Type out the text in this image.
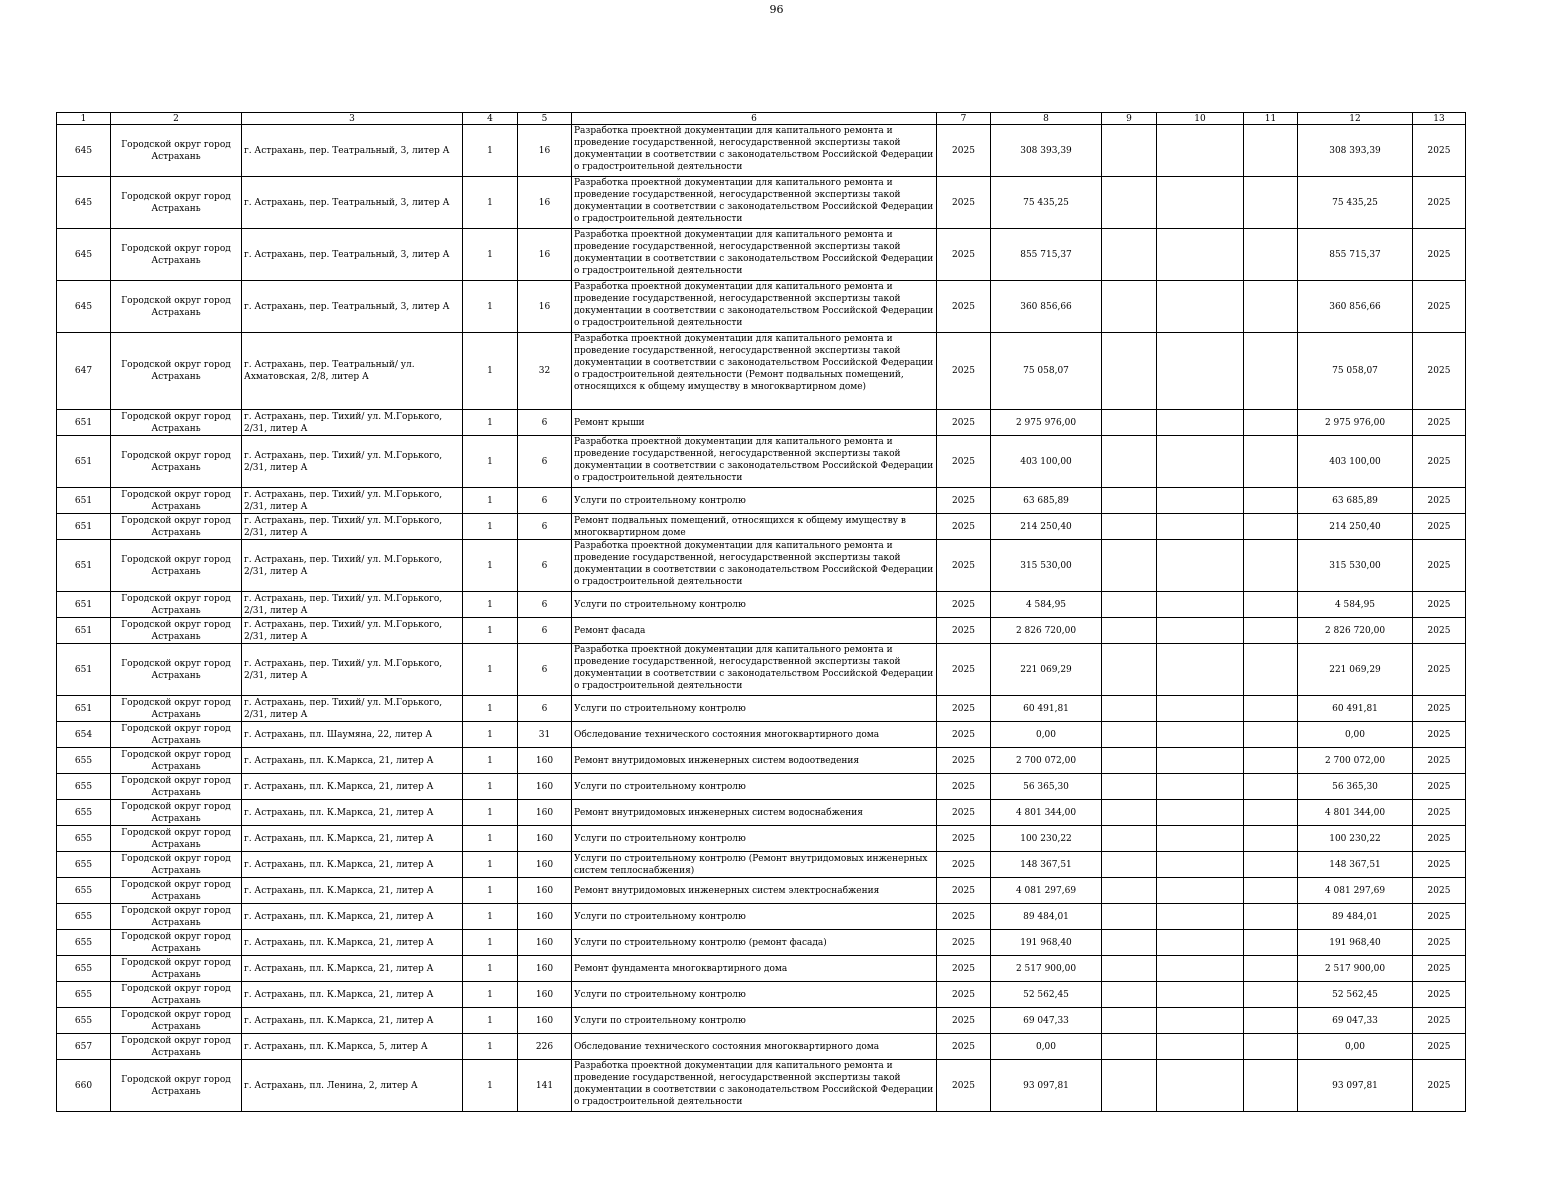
96
1	2	3	4	5	6	7	8	9	10	11	12	13
645	Городской округ город Астрахань	г. Астрахань, пер. Театральный, 3, литер А	1	16	Разработка проектной документации для капитального ремонта и проведение государственной, негосударственной экспертизы такой документации в соответствии с законодательством Российской Федерации о градостроительной деятельности	2025	308 393,39				308 393,39	2025
645	Городской округ город Астрахань	г. Астрахань, пер. Театральный, 3, литер А	1	16	Разработка проектной документации для капитального ремонта и проведение государственной, негосударственной экспертизы такой документации в соответствии с законодательством Российской Федерации о градостроительной деятельности	2025	75 435,25				75 435,25	2025
645	Городской округ город Астрахань	г. Астрахань, пер. Театральный, 3, литер А	1	16	Разработка проектной документации для капитального ремонта и проведение государственной, негосударственной экспертизы такой документации в соответствии с законодательством Российской Федерации о градостроительной деятельности	2025	855 715,37				855 715,37	2025
645	Городской округ город Астрахань	г. Астрахань, пер. Театральный, 3, литер А	1	16	Разработка проектной документации для капитального ремонта и проведение государственной, негосударственной экспертизы такой документации в соответствии с законодательством Российской Федерации о градостроительной деятельности	2025	360 856,66				360 856,66	2025
647	Городской округ город Астрахань	г. Астрахань, пер. Театральный/ ул. Ахматовская, 2/8, литер А	1	32	Разработка проектной документации для капитального ремонта и проведение государственной, негосударственной экспертизы такой документации в соответствии с законодательством Российской Федерации о градостроительной деятельности (Ремонт подвальных помещений, относящихся к общему имуществу в многоквартирном доме)	2025	75 058,07				75 058,07	2025
651	Городской округ город Астрахань	г. Астрахань, пер. Тихий/ ул. М.Горького, 2/31, литер А	1	6	Ремонт крыши	2025	2 975 976,00				2 975 976,00	2025
651	Городской округ город Астрахань	г. Астрахань, пер. Тихий/ ул. М.Горького, 2/31, литер А	1	6	Разработка проектной документации для капитального ремонта и проведение государственной, негосударственной экспертизы такой документации в соответствии с законодательством Российской Федерации о градостроительной деятельности	2025	403 100,00				403 100,00	2025
651	Городской округ город Астрахань	г. Астрахань, пер. Тихий/ ул. М.Горького, 2/31, литер А	1	6	Услуги по строительному контролю	2025	63 685,89				63 685,89	2025
651	Городской округ город Астрахань	г. Астрахань, пер. Тихий/ ул. М.Горького, 2/31, литер А	1	6	Ремонт подвальных помещений, относящихся к общему имуществу в многоквартирном доме	2025	214 250,40				214 250,40	2025
651	Городской округ город Астрахань	г. Астрахань, пер. Тихий/ ул. М.Горького, 2/31, литер А	1	6	Разработка проектной документации для капитального ремонта и проведение государственной, негосударственной экспертизы такой документации в соответствии с законодательством Российской Федерации о градостроительной деятельности	2025	315 530,00				315 530,00	2025
651	Городской округ город Астрахань	г. Астрахань, пер. Тихий/ ул. М.Горького, 2/31, литер А	1	6	Услуги по строительному контролю	2025	4 584,95				4 584,95	2025
651	Городской округ город Астрахань	г. Астрахань, пер. Тихий/ ул. М.Горького, 2/31, литер А	1	6	Ремонт фасада	2025	2 826 720,00				2 826 720,00	2025
651	Городской округ город Астрахань	г. Астрахань, пер. Тихий/ ул. М.Горького, 2/31, литер А	1	6	Разработка проектной документации для капитального ремонта и проведение государственной, негосударственной экспертизы такой документации в соответствии с законодательством Российской Федерации о градостроительной деятельности	2025	221 069,29				221 069,29	2025
651	Городской округ город Астрахань	г. Астрахань, пер. Тихий/ ул. М.Горького, 2/31, литер А	1	6	Услуги по строительному контролю	2025	60 491,81				60 491,81	2025
654	Городской округ город Астрахань	г. Астрахань, пл. Шаумяна, 22, литер А	1	31	Обследование технического состояния многоквартирного дома	2025	0,00				0,00	2025
655	Городской округ город Астрахань	г. Астрахань, пл. К.Маркса, 21, литер А	1	160	Ремонт внутридомовых инженерных систем водоотведения	2025	2 700 072,00				2 700 072,00	2025
655	Городской округ город Астрахань	г. Астрахань, пл. К.Маркса, 21, литер А	1	160	Услуги по строительному контролю	2025	56 365,30				56 365,30	2025
655	Городской округ город Астрахань	г. Астрахань, пл. К.Маркса, 21, литер А	1	160	Ремонт внутридомовых инженерных систем водоснабжения	2025	4 801 344,00				4 801 344,00	2025
655	Городской округ город Астрахань	г. Астрахань, пл. К.Маркса, 21, литер А	1	160	Услуги по строительному контролю	2025	100 230,22				100 230,22	2025
655	Городской округ город Астрахань	г. Астрахань, пл. К.Маркса, 21, литер А	1	160	Услуги по строительному контролю (Ремонт внутридомовых инженерных систем теплоснабжения)	2025	148 367,51				148 367,51	2025
655	Городской округ город Астрахань	г. Астрахань, пл. К.Маркса, 21, литер А	1	160	Ремонт внутридомовых инженерных систем электроснабжения	2025	4 081 297,69				4 081 297,69	2025
655	Городской округ город Астрахань	г. Астрахань, пл. К.Маркса, 21, литер А	1	160	Услуги по строительному контролю	2025	89 484,01				89 484,01	2025
655	Городской округ город Астрахань	г. Астрахань, пл. К.Маркса, 21, литер А	1	160	Услуги по строительному контролю (ремонт фасада)	2025	191 968,40				191 968,40	2025
655	Городской округ город Астрахань	г. Астрахань, пл. К.Маркса, 21, литер А	1	160	Ремонт фундамента многоквартирного дома	2025	2 517 900,00				2 517 900,00	2025
655	Городской округ город Астрахань	г. Астрахань, пл. К.Маркса, 21, литер А	1	160	Услуги по строительному контролю	2025	52 562,45				52 562,45	2025
655	Городской округ город Астрахань	г. Астрахань, пл. К.Маркса, 21, литер А	1	160	Услуги по строительному контролю	2025	69 047,33				69 047,33	2025
657	Городской округ город Астрахань	г. Астрахань, пл. К.Маркса, 5, литер А	1	226	Обследование технического состояния многоквартирного дома	2025	0,00				0,00	2025
660	Городской округ город Астрахань	г. Астрахань, пл. Ленина, 2, литер А	1	141	Разработка проектной документации для капитального ремонта и проведение государственной, негосударственной экспертизы такой документации в соответствии с законодательством Российской Федерации о градостроительной деятельности	2025	93 097,81				93 097,81	2025
